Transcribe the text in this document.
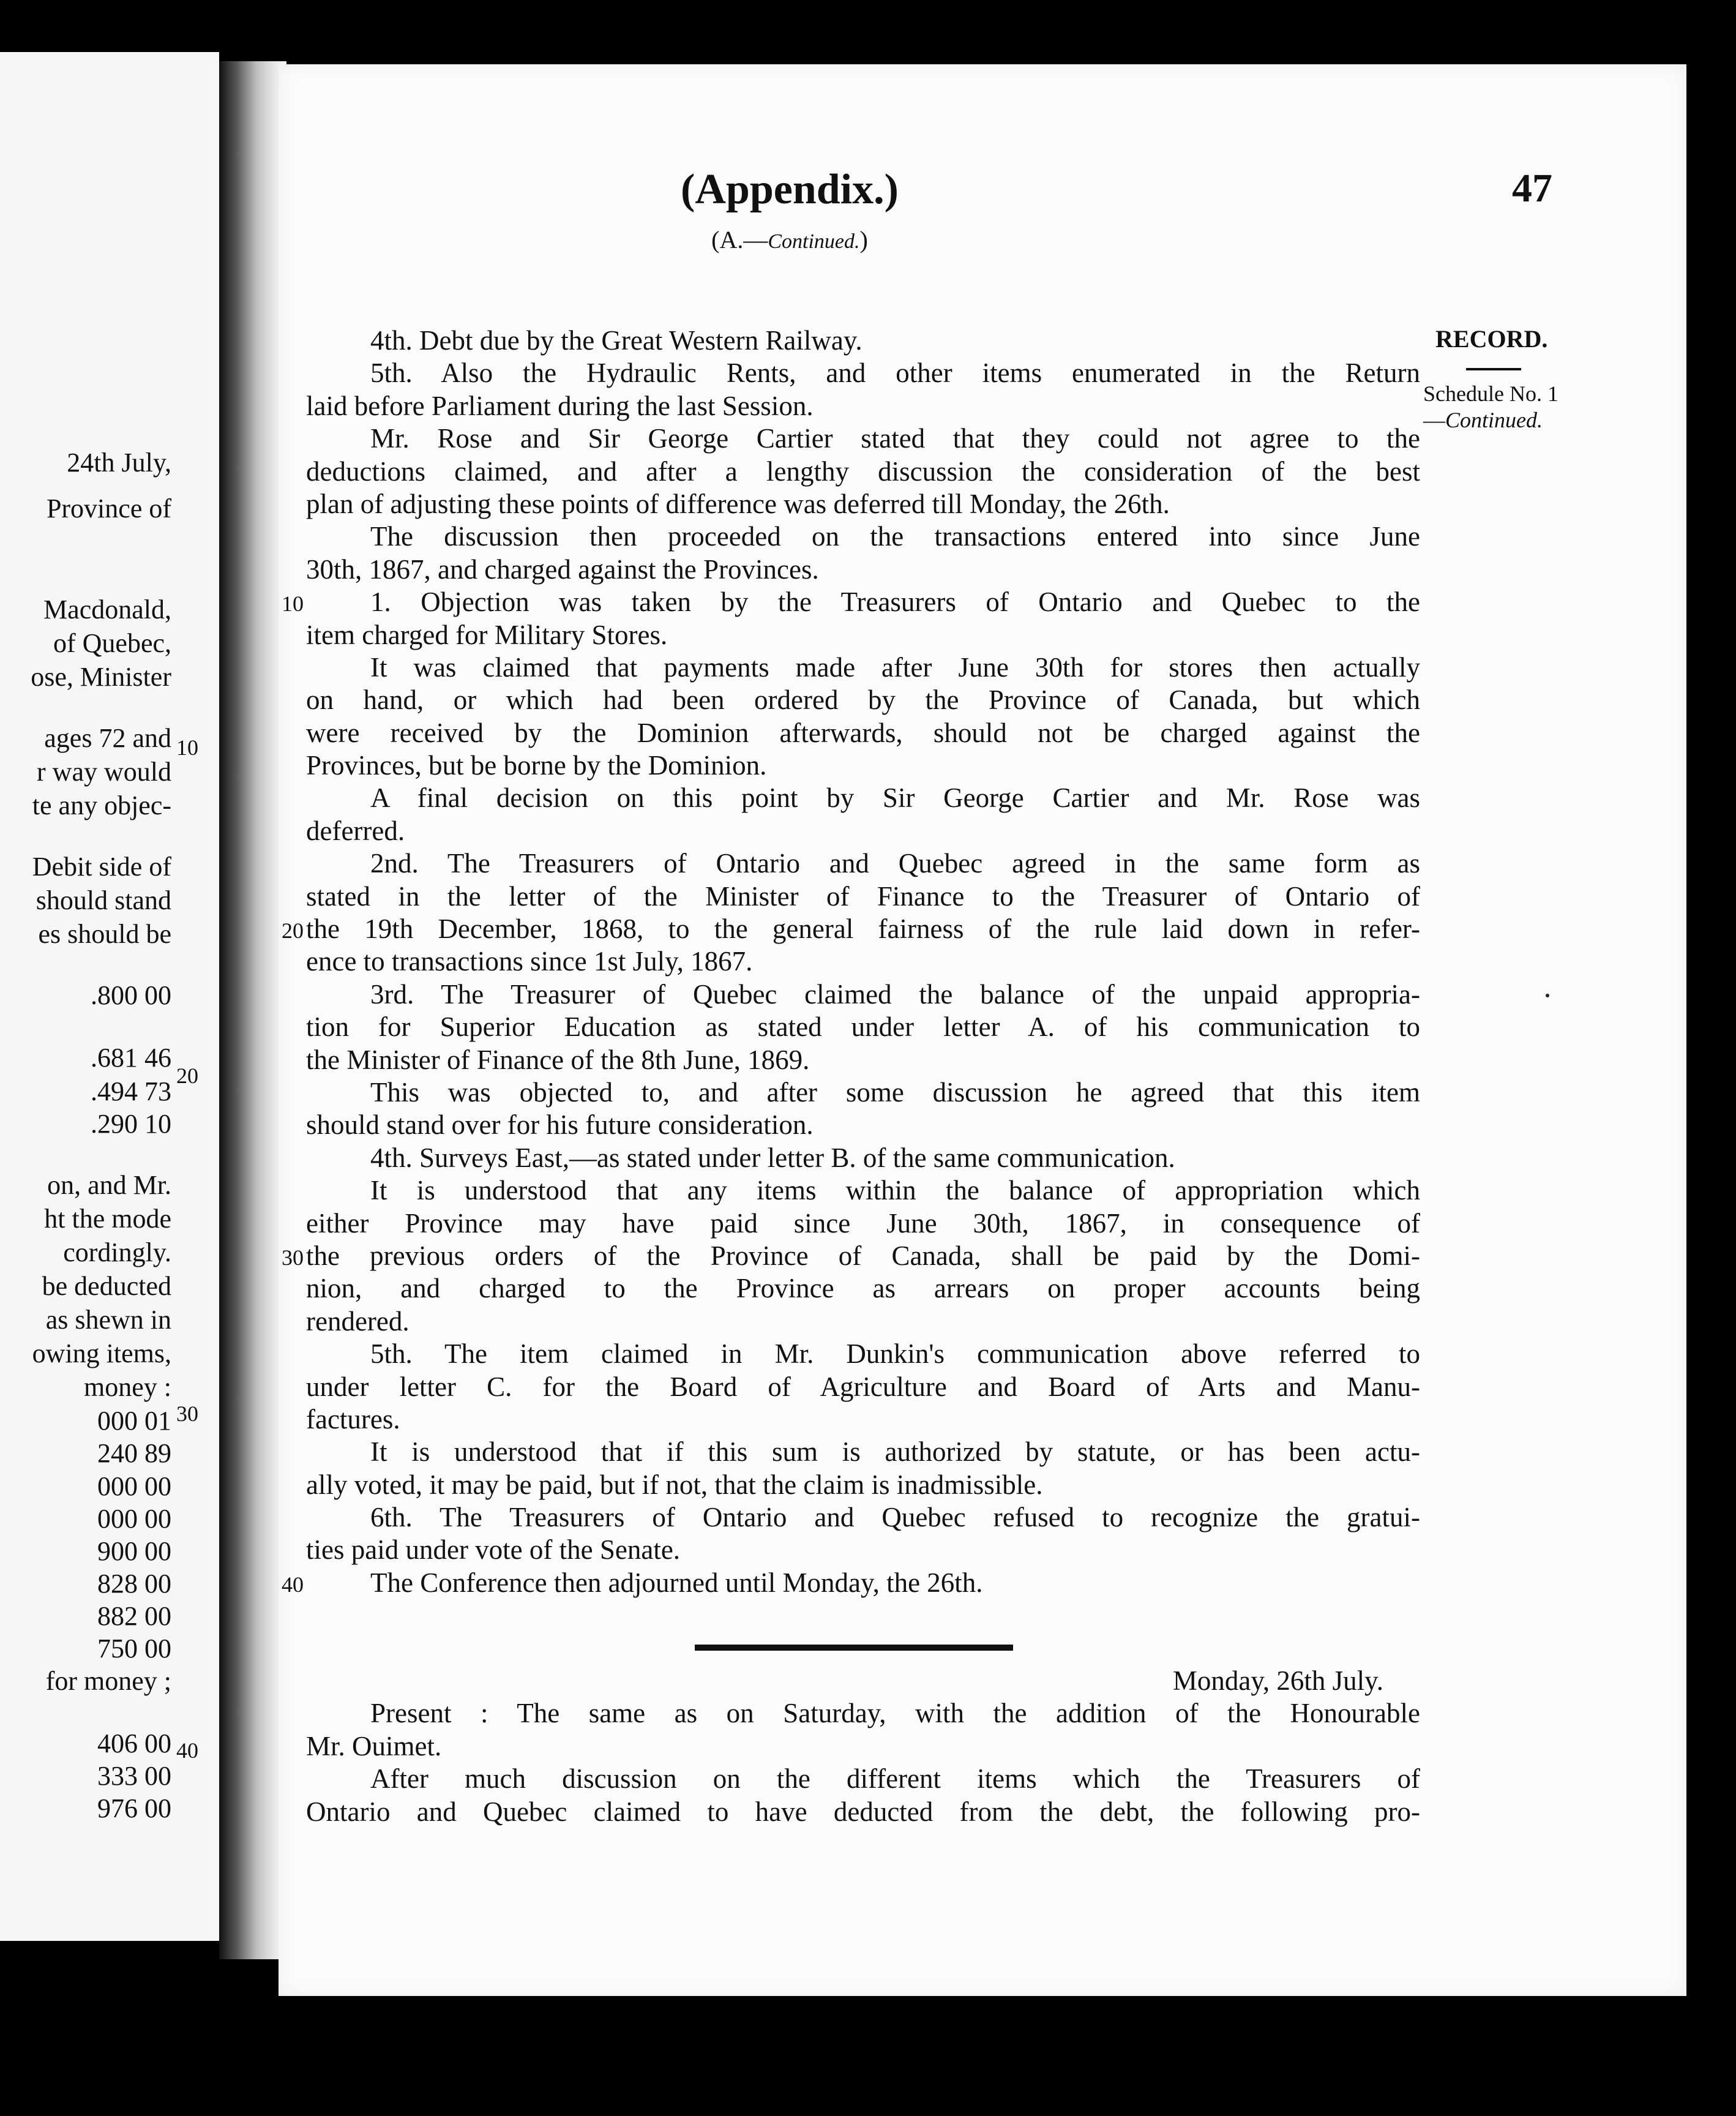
24th July,
Province of
Macdonald,
of Quebec,
ose, Minister
ages 72 and
r way would
te any objec-
Debit side of
should stand
es should be
.800 00
.681 46
.494 73
.290 10
on, and Mr.
ht the mode
cordingly.
be deducted
as shewn in
owing items,
money :
000 01
240 89
000 00
000 00
900 00
828 00
882 00
750 00
for money ;
406 00
333 00
976 00
10
20
30
40
(Appendix.)
(A.—Continued.)
47
RECORD.
Schedule No. 1—Continued.
4th. Debt due by the Great Western Railway.
5th. Also the Hydraulic Rents, and other items enumerated in the Return
laid before Parliament during the last Session.
Mr. Rose and Sir George Cartier stated that they could not agree to the
deductions claimed, and after a lengthy discussion the consideration of the best
plan of adjusting these points of difference was deferred till Monday, the 26th.
The discussion then proceeded on the transactions entered into since June
30th, 1867, and charged against the Provinces.
1. Objection was taken by the Treasurers of Ontario and Quebec to the
item charged for Military Stores.
It was claimed that payments made after June 30th for stores then actually
on hand, or which had been ordered by the Province of Canada, but which
were received by the Dominion afterwards, should not be charged against the
Provinces, but be borne by the Dominion.
A final decision on this point by Sir George Cartier and Mr. Rose was
deferred.
2nd. The Treasurers of Ontario and Quebec agreed in the same form as
stated in the letter of the Minister of Finance to the Treasurer of Ontario of
the 19th December, 1868, to the general fairness of the rule laid down in refer-
ence to transactions since 1st July, 1867.
3rd. The Treasurer of Quebec claimed the balance of the unpaid appropria-
tion for Superior Education as stated under letter A. of his communication to
the Minister of Finance of the 8th June, 1869.
This was objected to, and after some discussion he agreed that this item
should stand over for his future consideration.
4th. Surveys East,—as stated under letter B. of the same communication.
It is understood that any items within the balance of appropriation which
either Province may have paid since June 30th, 1867, in consequence of
the previous orders of the Province of Canada, shall be paid by the Domi-
nion, and charged to the Province as arrears on proper accounts being
rendered.
5th. The item claimed in Mr. Dunkin's communication above referred to
under letter C. for the Board of Agriculture and Board of Arts and Manu-
factures.
It is understood that if this sum is authorized by statute, or has been actu-
ally voted, it may be paid, but if not, that the claim is inadmissible.
6th. The Treasurers of Ontario and Quebec refused to recognize the gratui-
ties paid under vote of the Senate.
The Conference then adjourned until Monday, the 26th.
Monday, 26th July.
Present : The same as on Saturday, with the addition of the Honourable
Mr. Ouimet.
After much discussion on the different items which the Treasurers of
Ontario and Quebec claimed to have deducted from the debt, the following pro-
10
20
30
40
